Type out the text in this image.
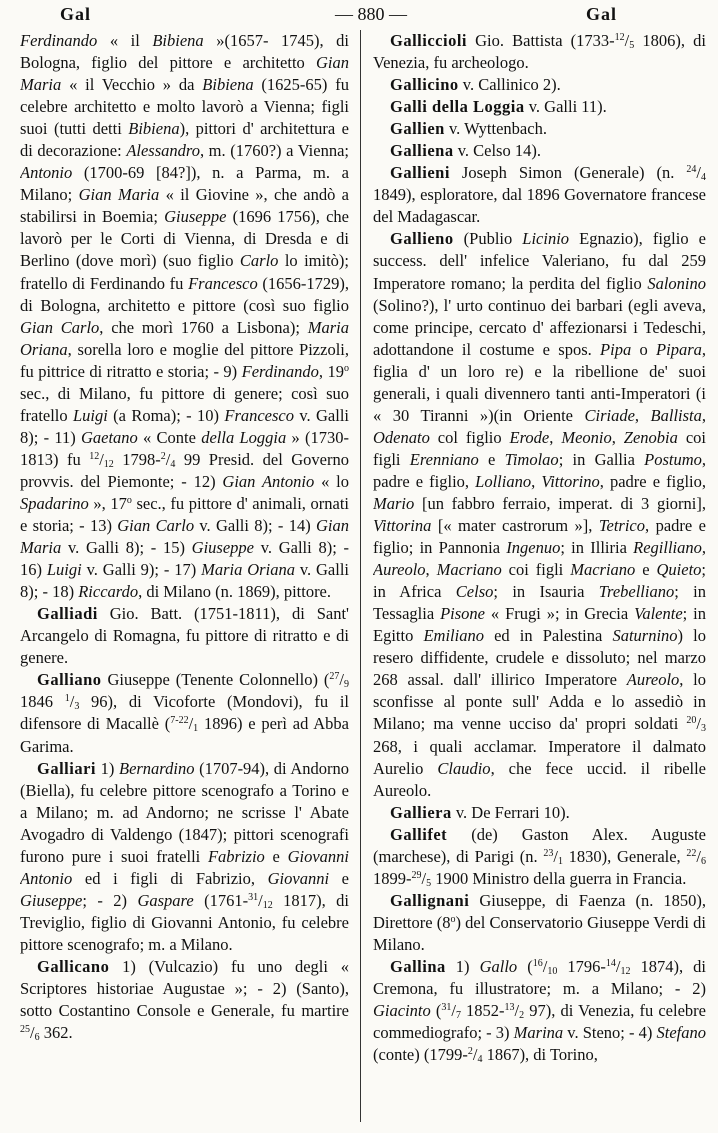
Gal	— 880 —	Gal

Ferdinando « il Bibiena »(1657- 1745), di Bologna, figlio del pittore e architetto Gian Maria « il Vecchio » da Bibiena (1625-65) fu celebre architetto e molto lavorò a Vienna; figli suoi (tutti detti Bibiena), pittori d' architettura e di decorazione: Alessandro, m. (1760?) a Vienna; Antonio (1700-69 [84?]), n. a Parma, m. a Milano; Gian Maria « il Giovine », che andò a stabilirsi in Boemia; Giuseppe (1696 1756), che lavorò per le Corti di Vienna, di Dresda e di Berlino (dove morì) (suo figlio Carlo lo imitò); fratello di Ferdinando fu Francesco (1656-1729), di Bologna, architetto e pittore (così suo figlio Gian Carlo, che morì 1760 a Lisbona); Maria Oriana, sorella loro e moglie del pittore Pizzoli, fu pittrice di ritratto e storia; - 9) Ferdinando, 19$^o$ sec., di Milano, fu pittore di genere; così suo fratello Luigi (a Roma); - 10) Francesco v. Galli 8); - 11) Gaetano « Conte della Loggia » (1730-1813) fu $^{12}/_{12}$ $1798-^2/_4$ 99 Presid. del Governo provvis. del Piemonte; - 12) Gian Antonio « lo Spadarino », 17$^o$ sec., fu pittore d' animali, ornati e storia; - 13) Gian Carlo v. Galli 8); - 14) Gian Maria v. Galli 8); - 15) Giuseppe v. Galli 8); - 16) Luigi v. Galli 9); - 17) Maria Oriana v. Galli 8); - 18) Riccardo, di Milano (n. 1869), pittore.

Galliadi Gio. Batt. (1751-1811), di Sant' Arcangelo di Romagna, fu pittore di ritratto e di genere.

Galliano Giuseppe (Tenente Colonnello) ($^{27}/_9$ 1846 $^1/_3$ 96), di Vicoforte (Mondovi), fu il difensore di Macallè ($^{7-22}/_1$ 1896) e perì ad Abba Garima.

Galliari 1) Bernardino (1707-94), di Andorno (Biella), fu celebre pittore scenografo a Torino e a Milano; m. ad Andorno; ne scrisse l' Abate Avogadro di Valdengo (1847); pittori scenografi furono pure i suoi fratelli Fabrizio e Giovanni Antonio ed i figli di Fabrizio, Giovanni e Giuseppe; - 2) Gaspare ($1761-^{31}/_{12}$ 1817), di Treviglio, figlio di Giovanni Antonio, fu celebre pittore scenografo; m. a Milano.

Gallicano 1) (Vulcazio) fu uno degli « Scriptores historiae Augustae »; - 2) (Santo), sotto Costantino Console e Generale, fu martire $^{25}/_6$ 362.

Galliccioli Gio. Battista ($1733-^{12}/_5$ 1806), di Venezia, fu archeologo.

Gallicino v. Callinico 2).

Galli della Loggia v. Galli 11).

Gallien v. Wyttenbach.

Galliena v. Celso 14).

Gallieni Joseph Simon (Generale) (n. $^{24}/_4$ 1849), esploratore, dal 1896 Governatore francese del Madagascar.

Gallieno (Publio Licinio Egnazio), figlio e success. dell' infelice Valeriano, fu dal 259 Imperatore romano; la perdita del figlio Salonino (Solino?), l' urto continuo dei barbari (egli aveva, come principe, cercato d' affezionarsi i Tedeschi, adottandone il costume e spos. Pipa o Pipara, figlia d' un loro re) e la ribellione de' suoi generali, i quali divennero tanti anti-Imperatori (i « 30 Tiranni »)(in Oriente Ciriade, Ballista, Odenato col figlio Erode, Meonio, Zenobia coi figli Erenniano e Timolao; in Gallia Postumo, padre e figlio, Lolliano, Vittorino, padre e figlio, Mario [un fabbro ferraio, imperat. di 3 giorni], Vittorina [« mater castrorum »], Tetrico, padre e figlio; in Pannonia Ingenuo; in Illiria Regilliano, Aureolo, Macriano coi figli Macriano e Quieto; in Africa Celso; in Isauria Trebelliano; in Tessaglia Pisone « Frugi »; in Grecia Valente; in Egitto Emiliano ed in Palestina Saturnino) lo resero diffidente, crudele e dissoluto; nel marzo 268 assal. dall' illirico Imperatore Aureolo, lo sconfisse al ponte sull' Adda e lo assediò in Milano; ma venne ucciso da' propri soldati $^{20}/_3$ 268, i quali acclamar. Imperatore il dalmato Aurelio Claudio, che fece uccid. il ribelle Aureolo.

Galliera v. De Ferrari 10).

Gallifet (de) Gaston Alex. Auguste (marchese), di Parigi (n. $^{23}/_1$ 1830), Generale, $^{22}/_6$ $1899-^{29}/_5$ 1900 Ministro della guerra in Francia.

Gallignani Giuseppe, di Faenza (n. 1850), Direttore (8$^o$) del Conservatorio Giuseppe Verdi di Milano.

Gallina 1) Gallo ($^{16}/_{10}$ $1796-^{14}/_{12}$ 1874), di Cremona, fu illustratore; m. a Milano; - 2) Giacinto ($^{31}/_7$ $1852-^{13}/_2$ 97), di Venezia, fu celebre commediografo; - 3) Marina v. Steno; - 4) Stefano (conte) ($1799-^2/_4$ 1867), di Torino,
